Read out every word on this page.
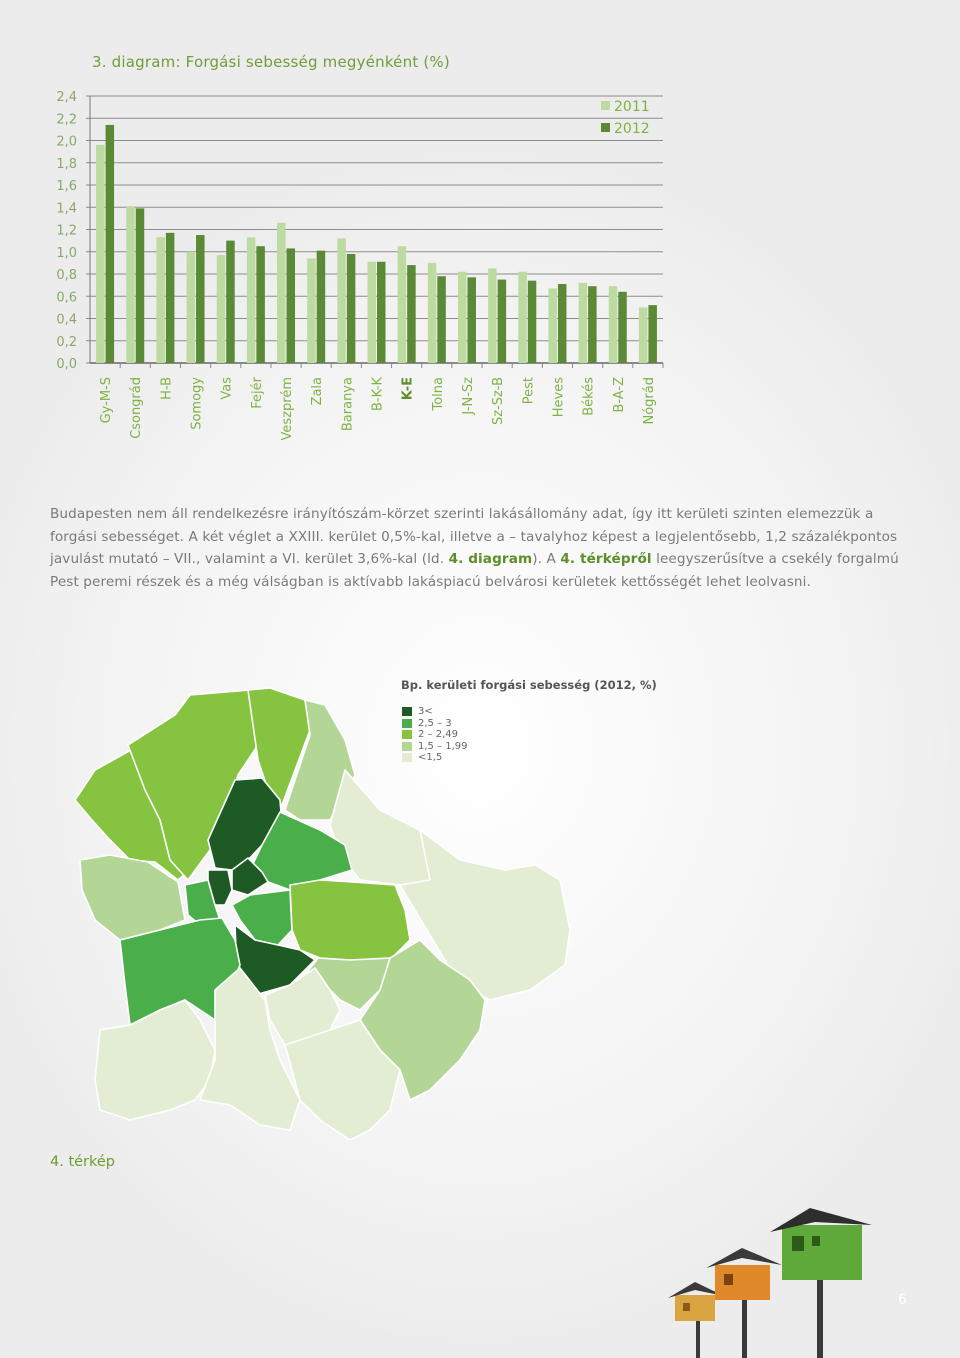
3. diagram: Forgási sebesség megyénként (%)
2,4
2,2
2,0
1,8
1,6
1,4
1,2
1,0
0,8
0,6
0,4
0,2
0,0
Gy-M-S Csongrád H-B Somogy Vas Fejér Veszprém Zala Baranya B-K-K K-E Tolna J-N-Sz Sz-Sz-B Pest Heves Békés B-A-Z Nógrád
2011
2012
Budapesten nem áll rendelkezésre irányítószám-körzet szerinti lakásállomány adat, így itt kerületi szinten elemezzük a forgási sebességet. A két véglet a XXIII. kerület 0,5%-kal, illetve a – tavalyhoz képest a legjelentősebb, 1,2 százalékpontos javulást mutató – VII., valamint a VI. kerület 3,6%-kal (ld. 4. diagram). A 4. térképről leegyszerűsítve a csekély forgalmú Pest peremi részek és a még válságban is aktívabb lakáspiacú belvárosi kerületek kettősségét lehet leolvasni.
Bp. kerületi forgási sebesség (2012, %)
3<
2,5 – 3
2 – 2,49
1,5 – 1,99
<1,5
4. térkép
6
